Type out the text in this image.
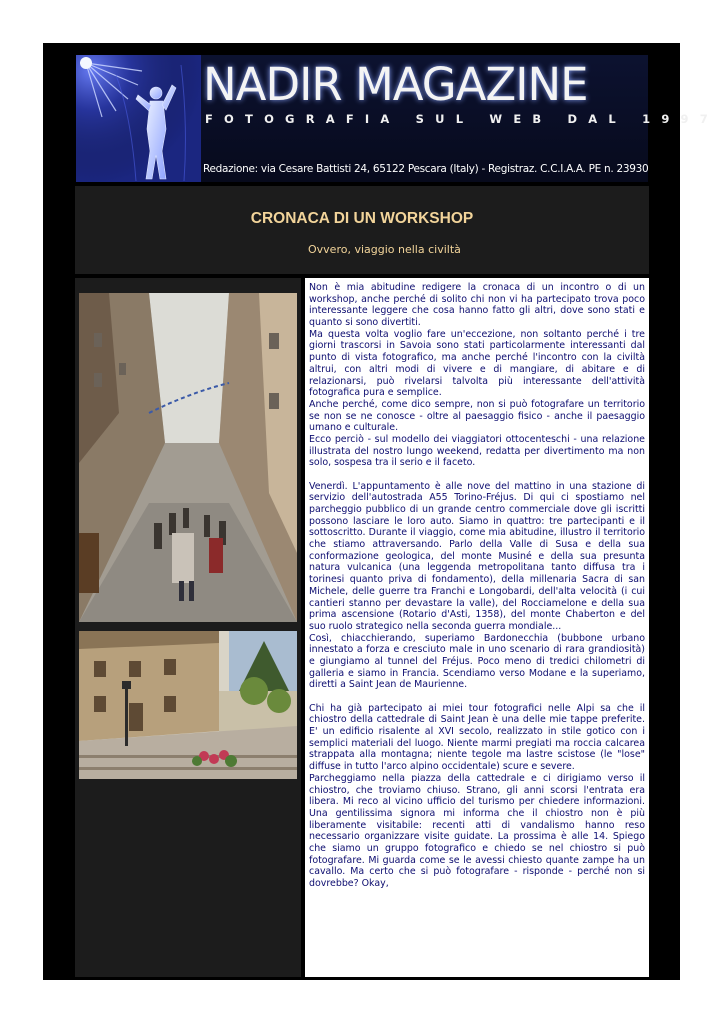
NADIR MAGAZINE
FOTOGRAFIA SUL WEB DAL 1997
Redazione: via Cesare Battisti 24, 65122 Pescara (Italy) - Registraz. C.C.I.A.A. PE n. 23930
CRONACA DI UN WORKSHOP
Ovvero, viaggio nella civiltà

Non è mia abitudine redigere la cronaca di un incontro o di un workshop, anche perché di solito chi non vi ha partecipato trova poco interessante leggere che cosa hanno fatto gli altri, dove sono stati e quanto si sono divertiti.

Ma questa volta voglio fare un'eccezione, non soltanto perché i tre giorni trascorsi in Savoia sono stati particolarmente interessanti dal punto di vista fotografico, ma anche perché l'incontro con la civiltà altrui, con altri modi di vivere e di mangiare, di abitare e di relazionarsi, può rivelarsi talvolta più interessante dell'attività fotografica pura e semplice.

Anche perché, come dico sempre, non si può fotografare un territorio se non se ne conosce - oltre al paesaggio fisico - anche il paesaggio umano e culturale.

Ecco perciò - sul modello dei viaggiatori ottocenteschi - una relazione illustrata del nostro lungo weekend, redatta per divertimento ma non solo, sospesa tra il serio e il faceto.

Venerdì. L'appuntamento è alle nove del mattino in una stazione di servizio dell'autostrada A55 Torino-Fréjus. Di qui ci spostiamo nel parcheggio pubblico di un grande centro commerciale dove gli iscritti possono lasciare le loro auto. Siamo in quattro: tre partecipanti e il sottoscritto. Durante il viaggio, come mia abitudine, illustro il territorio che stiamo attraversando. Parlo della Valle di Susa e della sua conformazione geologica, del monte Musiné e della sua presunta natura vulcanica (una leggenda metropolitana tanto diffusa tra i torinesi quanto priva di fondamento), della millenaria Sacra di san Michele, delle guerre tra Franchi e Longobardi, dell'alta velocità (i cui cantieri stanno per devastare la valle), del Rocciamelone e della sua prima ascensione (Rotario d'Asti, 1358), del monte Chaberton e del suo ruolo strategico nella seconda guerra mondiale...

Così, chiacchierando, superiamo Bardonecchia (bubbone urbano innestato a forza e cresciuto male in uno scenario di rara grandiosità) e giungiamo al tunnel del Fréjus. Poco meno di tredici chilometri di galleria e siamo in Francia. Scendiamo verso Modane e la superiamo, diretti a Saint Jean de Maurienne.

Chi ha già partecipato ai miei tour fotografici nelle Alpi sa che il chiostro della cattedrale di Saint Jean è una delle mie tappe preferite. E' un edificio risalente al XVI secolo, realizzato in stile gotico con i semplici materiali del luogo. Niente marmi pregiati ma roccia calcarea strappata alla montagna; niente tegole ma lastre scistose (le "lose" diffuse in tutto l'arco alpino occidentale) scure e severe.

Parcheggiamo nella piazza della cattedrale e ci dirigiamo verso il chiostro, che troviamo chiuso. Strano, gli anni scorsi l'entrata era libera. Mi reco al vicino ufficio del turismo per chiedere informazioni. Una gentilissima signora mi informa che il chiostro non è più liberamente visitabile: recenti atti di vandalismo hanno reso necessario organizzare visite guidate. La prossima è alle 14. Spiego che siamo un gruppo fotografico e chiedo se nel chiostro si può fotografare. Mi guarda come se le avessi chiesto quante zampe ha un cavallo. Ma certo che si può fotografare - risponde - perché non si dovrebbe? Okay,
